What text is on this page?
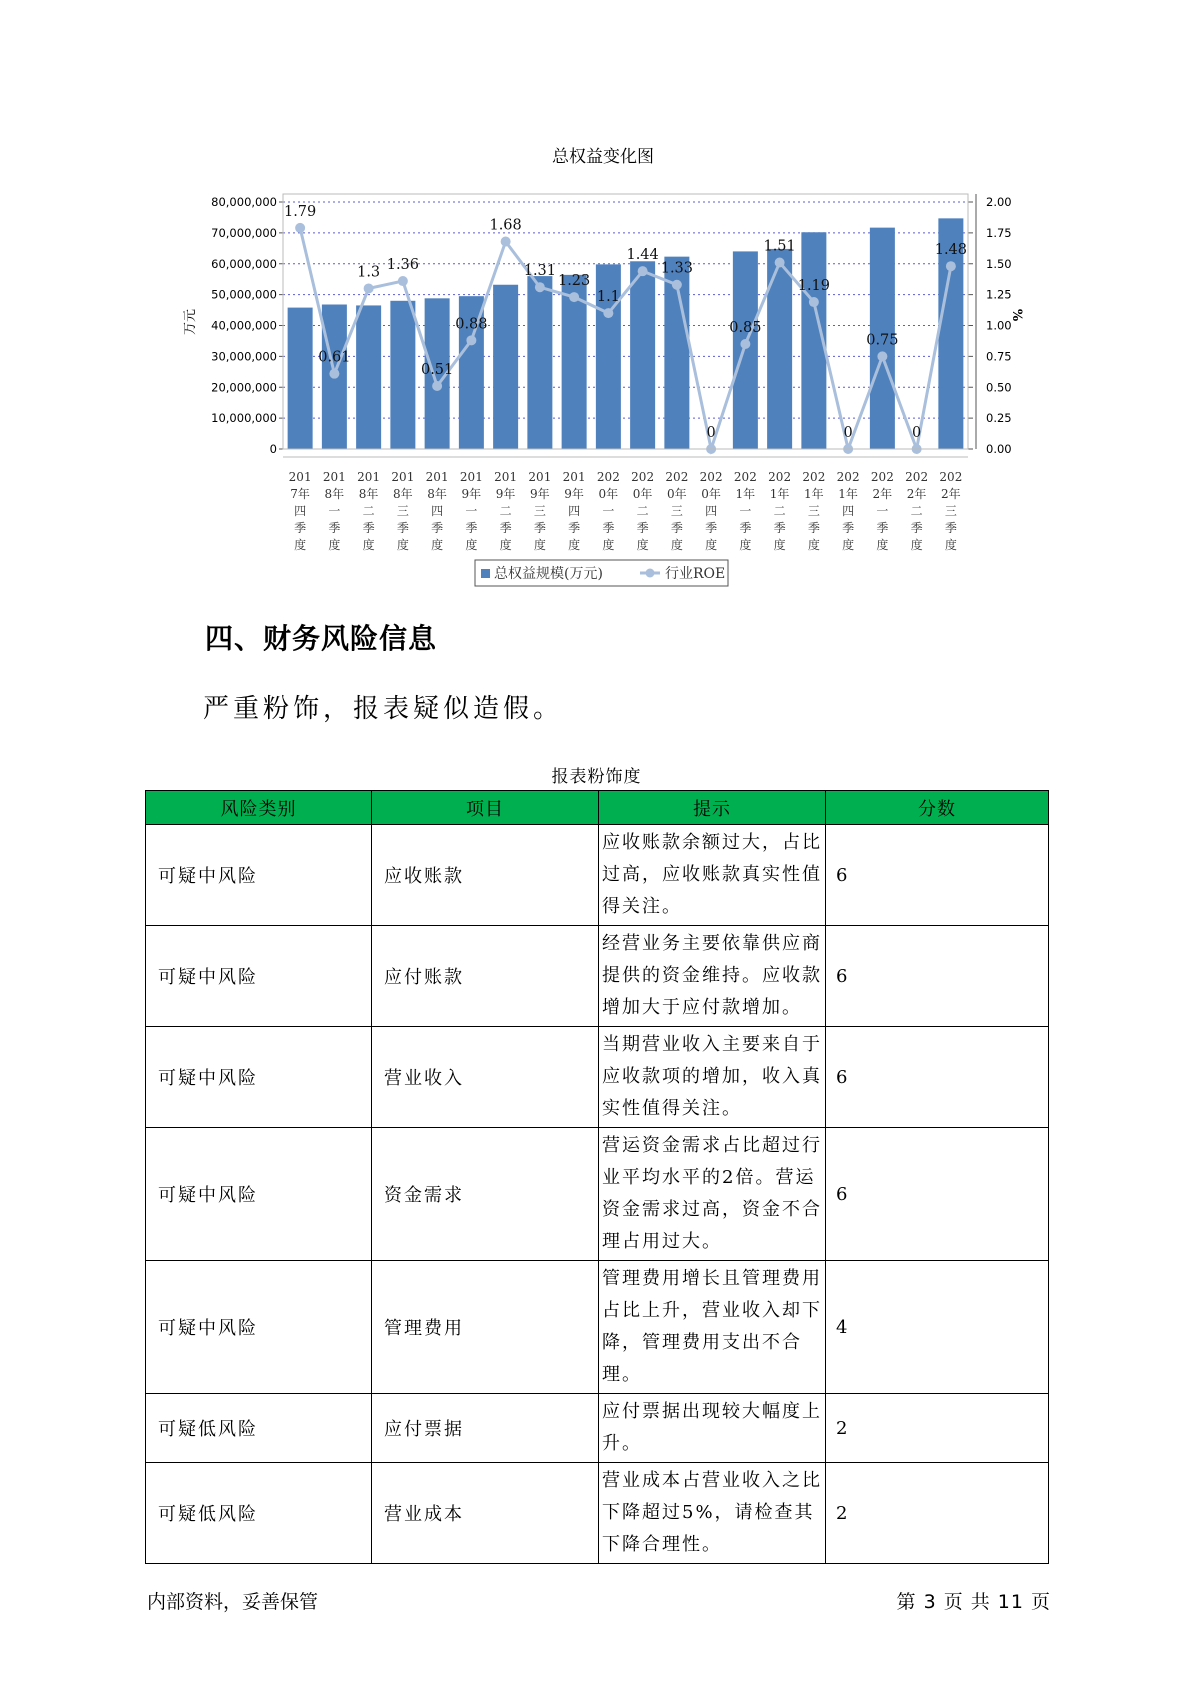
总权益变化图
1.79
0.61
1.3 1.36
0.51
0.88
1.68
1.31
1.23
1.1
1.44
1.33
0
0.85
1.51
1.19
0
0.75
0
1.48
0
10,000,000
20,000,000
30,000,000
40,000,000
50,000,000
60,000,000
70,000,000
80,000,000
0.00
0.25
0.50
0.75
1.00
1.25
1.50
1.75
2.00
201 7年四季度
201 8年一季度
201 8年二季度
201 8年三季度
201 8年四季度
201 9年一季度
201 9年二季度
201 9年三季度
201 9年四季度
202 0年一季度
202 0年二季度
202 0年三季度
202 0年四季度
202 1年一季度
202 1年二季度
202 1年三季度
202 1年四季度
202 2年一季度
202 2年二季度
202 2年三季度
万元	%
总权益规模(万元)	行业ROE
四、财务风险信息

严重粉饰，报表疑似造假。

报表粉饰度
风险类别	项目	提示	分数
可疑中风险	应收账款	应收账款余额过大，占比过高，应收账款真实性值得关注。	6
可疑中风险	应付账款	经营业务主要依靠供应商提供的资金维持。应收款增加大于应付款增加。	6
可疑中风险	营业收入	当期营业收入主要来自于应收款项的增加，收入真实性值得关注。	6
可疑中风险	资金需求	营运资金需求占比超过行业平均水平的2倍。营运资金需求过高，资金不合理占用过大。	6
可疑中风险	管理费用	管理费用增长且管理费用占比上升，营业收入却下降，管理费用支出不合理。	4
可疑低风险	应付票据	应付票据出现较大幅度上升。	2
可疑低风险	营业成本	营业成本占营业收入之比下降超过5%，请检查其下降合理性。	2
内部资料，妥善保管	第 3 页 共 11 页
